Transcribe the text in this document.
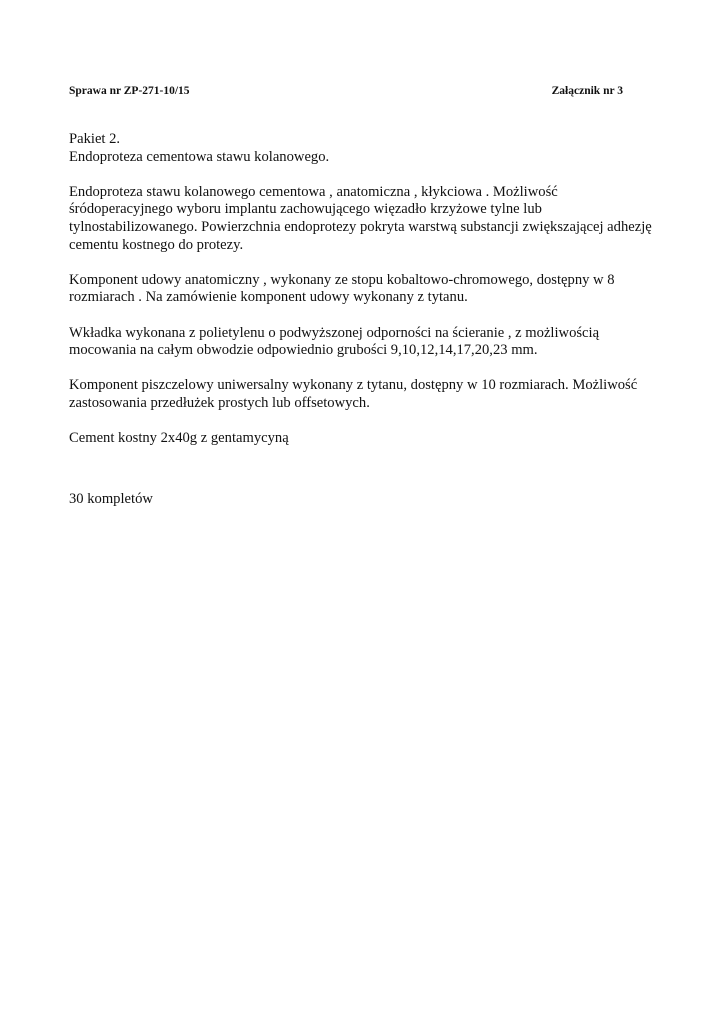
Sprawa nr ZP-271-10/15	Załącznik nr 3
Pakiet 2.
Endoproteza cementowa stawu kolanowego.
Endoproteza stawu kolanowego cementowa , anatomiczna , kłykciowa . Możliwość
śródoperacyjnego wyboru implantu zachowującego więzadło krzyżowe tylne lub
tylnostabilizowanego. Powierzchnia endoprotezy pokryta warstwą substancji zwiększającej adhezję
cementu kostnego do protezy.
Komponent udowy anatomiczny , wykonany ze stopu kobaltowo-chromowego, dostępny w 8
rozmiarach . Na zamówienie komponent udowy wykonany z tytanu.
Wkładka wykonana z polietylenu o podwyższonej odporności na ścieranie , z możliwością
mocowania na całym obwodzie odpowiednio grubości 9,10,12,14,17,20,23 mm.
Komponent piszczelowy uniwersalny wykonany z tytanu, dostępny w 10 rozmiarach. Możliwość
zastosowania przedłużek prostych lub offsetowych.
Cement kostny 2x40g z gentamycyną
30 kompletów
